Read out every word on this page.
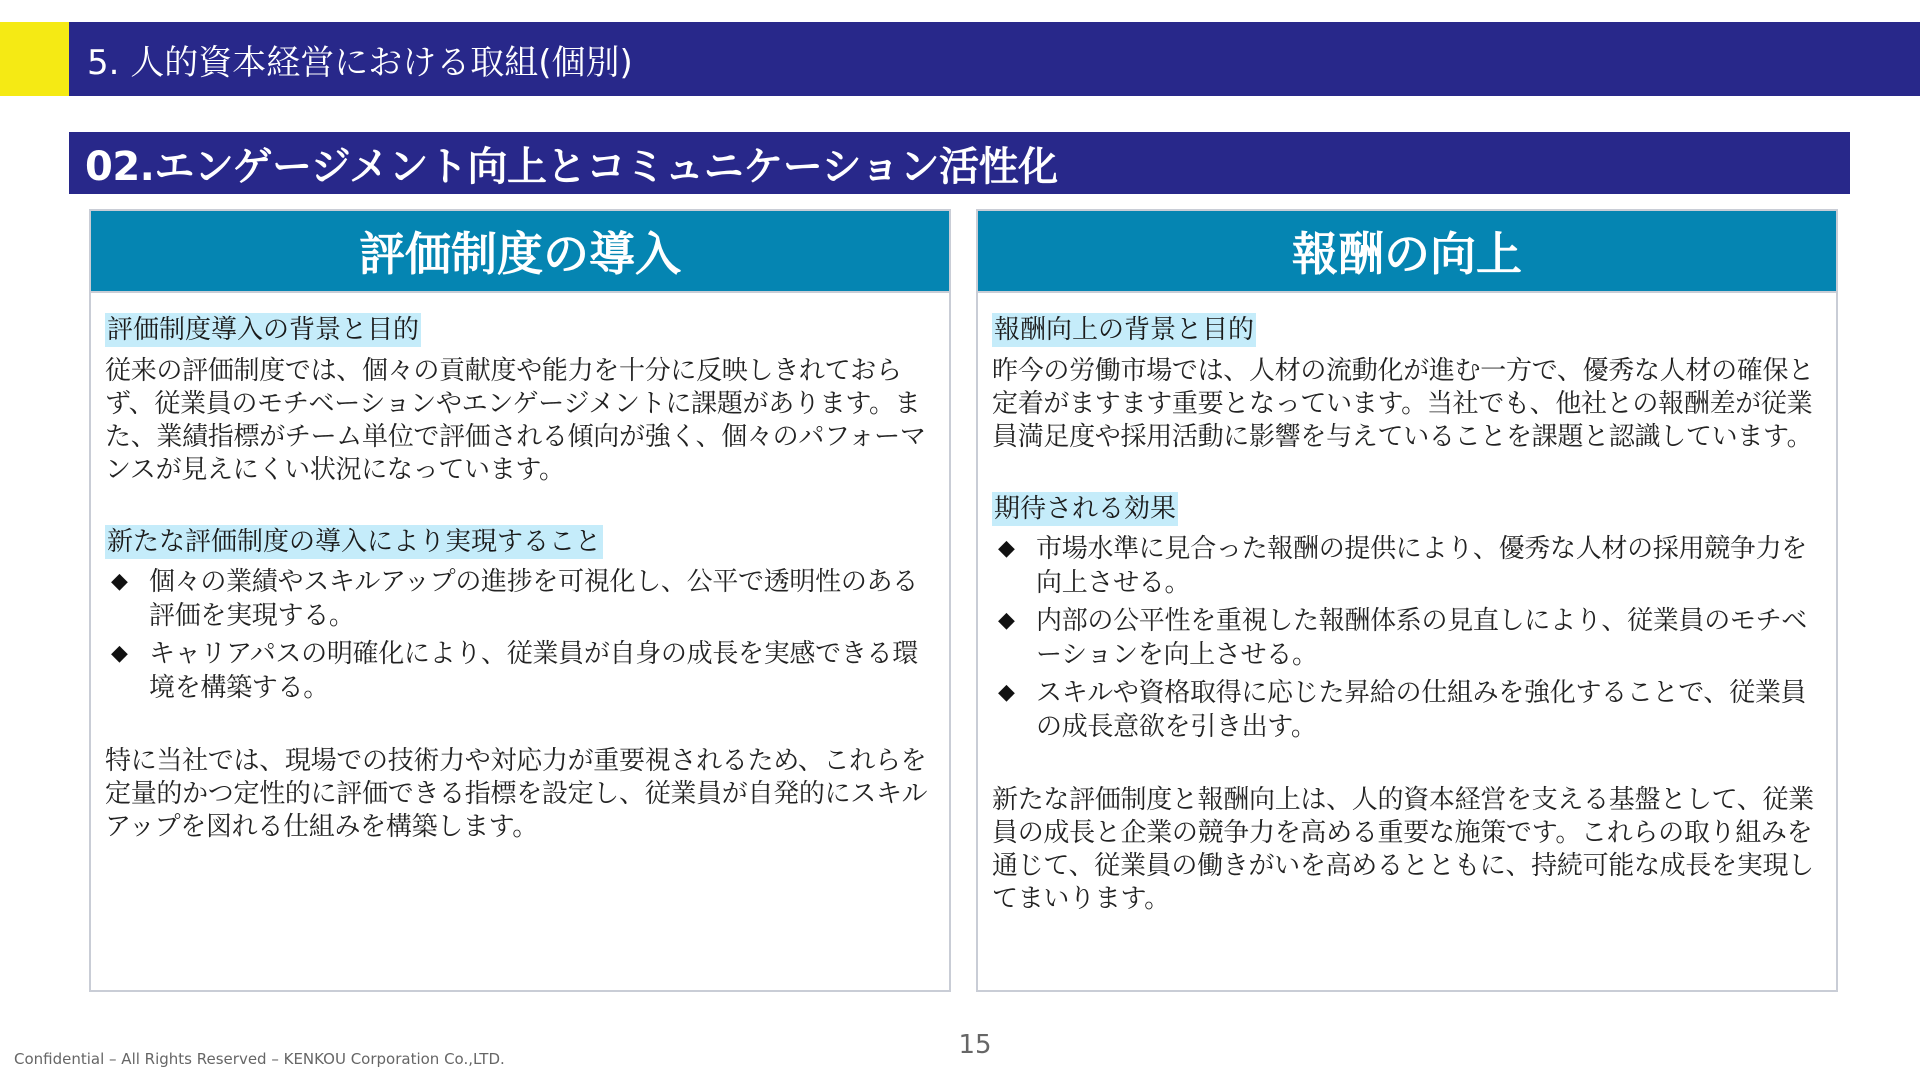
5. 人的資本経営における取組(個別)
02.エンゲージメント向上とコミュニケーション活性化
評価制度の導入
評価制度導入の背景と目的

従来の評価制度では、個々の貢献度や能力を十分に反映しきれておらず、従業員のモチベーションやエンゲージメントに課題があります。また、業績指標がチーム単位で評価される傾向が強く、個々のパフォーマンスが見えにくい状況になっています。

新たな評価制度の導入により実現すること
◆ 個々の業績やスキルアップの進捗を可視化し、公平で透明性のある評価を実現する。
◆ キャリアパスの明確化により、従業員が自身の成長を実感できる環境を構築する。

特に当社では、現場での技術力や対応力が重要視されるため、これらを定量的かつ定性的に評価できる指標を設定し、従業員が自発的にスキルアップを図れる仕組みを構築します。

報酬の向上
報酬向上の背景と目的

昨今の労働市場では、人材の流動化が進む一方で、優秀な人材の確保と定着がますます重要となっています。当社でも、他社との報酬差が従業員満足度や採用活動に影響を与えていることを課題と認識しています。

期待される効果
◆ 市場水準に見合った報酬の提供により、優秀な人材の採用競争力を向上させる。
◆ 内部の公平性を重視した報酬体系の見直しにより、従業員のモチベーションを向上させる。
◆ スキルや資格取得に応じた昇給の仕組みを強化することで、従業員の成長意欲を引き出す。

新たな評価制度と報酬向上は、人的資本経営を支える基盤として、従業員の成長と企業の競争力を高める重要な施策です。これらの取り組みを通じて、従業員の働きがいを高めるとともに、持続可能な成長を実現してまいります。

Confidential – All Rights Reserved – KENKOU Corporation Co.,LTD.	15
